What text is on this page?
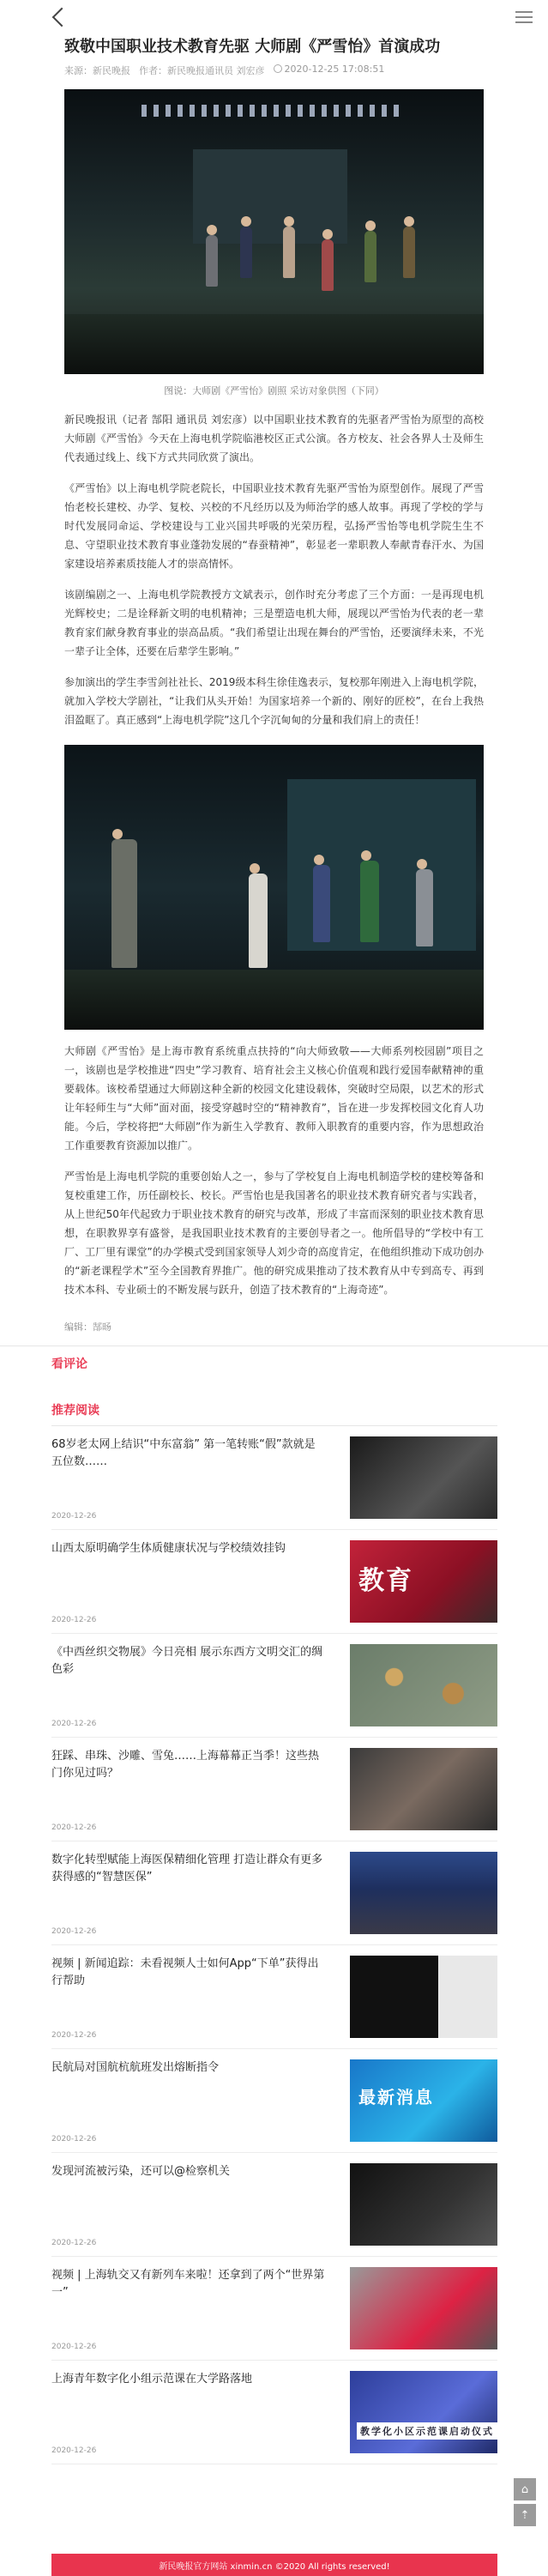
致敬中国职业技术教育先驱 大师剧《严雪怡》首演成功
来源：新民晚报 作者：新民晚报通讯员 刘宏彦	2020-12-25 17:08:51

图说：大师剧《严雪怡》剧照 采访对象供图（下同）

新民晚报讯（记者 郜阳 通讯员 刘宏彦）以中国职业技术教育的先驱者严雪怡为原型的高校大师剧《严雪怡》今天在上海电机学院临港校区正式公演。各方校友、社会各界人士及师生代表通过线上、线下方式共同欣赏了演出。

《严雪怡》以上海电机学院老院长，中国职业技术教育先驱严雪怡为原型创作。展现了严雪怡老校长建校、办学、复校、兴校的不凡经历以及为师治学的感人故事。再现了学校的学与时代发展同命运、学校建设与工业兴国共呼吸的光荣历程，弘扬严雪怡等电机学院生生不息、守望职业技术教育事业蓬勃发展的“春蚕精神”，彰显老一辈职教人奉献青春汗水、为国家建设培养素质技能人才的崇高情怀。

该剧编剧之一、上海电机学院教授方文斌表示，创作时充分考虑了三个方面：一是再现电机光辉校史；二是诠释新文明的电机精神；三是塑造电机大师，展现以严雪怡为代表的老一辈教育家们献身教育事业的崇高品质。“我们希望让出现在舞台的严雪怡，还要演绎未来，不光一辈子让全体，还要在后辈学生影响。”

参加演出的学生李雪剑社社长、2019级本科生徐佳逸表示，复校那年刚进入上海电机学院，就加入学校大学剧社，“让我们从头开始！为国家培养一个新的、刚好的匠校”，在台上我热泪盈眶了。真正感到“上海电机学院”这几个字沉甸甸的分量和我们肩上的责任！

大师剧《严雪怡》是上海市教育系统重点扶持的“向大师致敬——大师系列校园剧”项目之一，该剧也是学校推进“四史”学习教育、培育社会主义核心价值观和践行爱国奉献精神的重要载体。该校希望通过大师剧这种全新的校园文化建设载体，突破时空局限，以艺术的形式让年轻师生与“大师”面对面，接受穿越时空的“精神教育”，旨在进一步发挥校园文化育人功能。今后，学校将把“大师剧”作为新生入学教育、教师入职教育的重要内容，作为思想政治工作重要教育资源加以推广。

严雪怡是上海电机学院的重要创始人之一，参与了学校复自上海电机制造学校的建校筹备和复校重建工作，历任副校长、校长。严雪怡也是我国著名的职业技术教育研究者与实践者，从上世纪50年代起致力于职业技术教育的研究与改革，形成了丰富而深刻的职业技术教育思想，在职教界享有盛誉，是我国职业技术教育的主要创导者之一。他所倡导的“学校中有工厂、工厂里有课堂”的办学模式受到国家领导人刘少奇的高度肯定，在他组织推动下成功创办的“新老课程学术”至今全国教育界推广。他的研究成果推动了技术教育从中专到高专、再到技术本科、专业硕士的不断发展与跃升，创造了技术教育的“上海奇迹”。

编辑：郜旸

看评论
推荐阅读
68岁老太网上结识“中东富翁” 第一笔转账“假”款就是五位数……
2020-12-26
山西太原明确学生体质健康状况与学校绩效挂钩
2020-12-26
教育
《中西丝织交物展》今日亮相 展示东西方文明交汇的绸色彩
2020-12-26
狂踩、串珠、沙雕、雪兔……上海幕幕正当季！这些热门你见过吗？
2020-12-26
数字化转型赋能上海医保精细化管理 打造让群众有更多获得感的“智慧医保”
2020-12-26
视频 | 新闻追踪：未看视频人士如何App“下单”获得出行帮助
2020-12-26
民航局对国航杭航班发出熔断指令
2020-12-26
最新消息
发现河流被污染，还可以@检察机关
2020-12-26
视频 | 上海轨交又有新列车来啦！还拿到了两个“世界第一”
2020-12-26
上海青年数字化小组示范课在大学路落地
2020-12-26
教学化小区示范课启动仪式
⌂
⇡
新民晚报官方网站 xinmin.cn ©2020 All rights reserved!
